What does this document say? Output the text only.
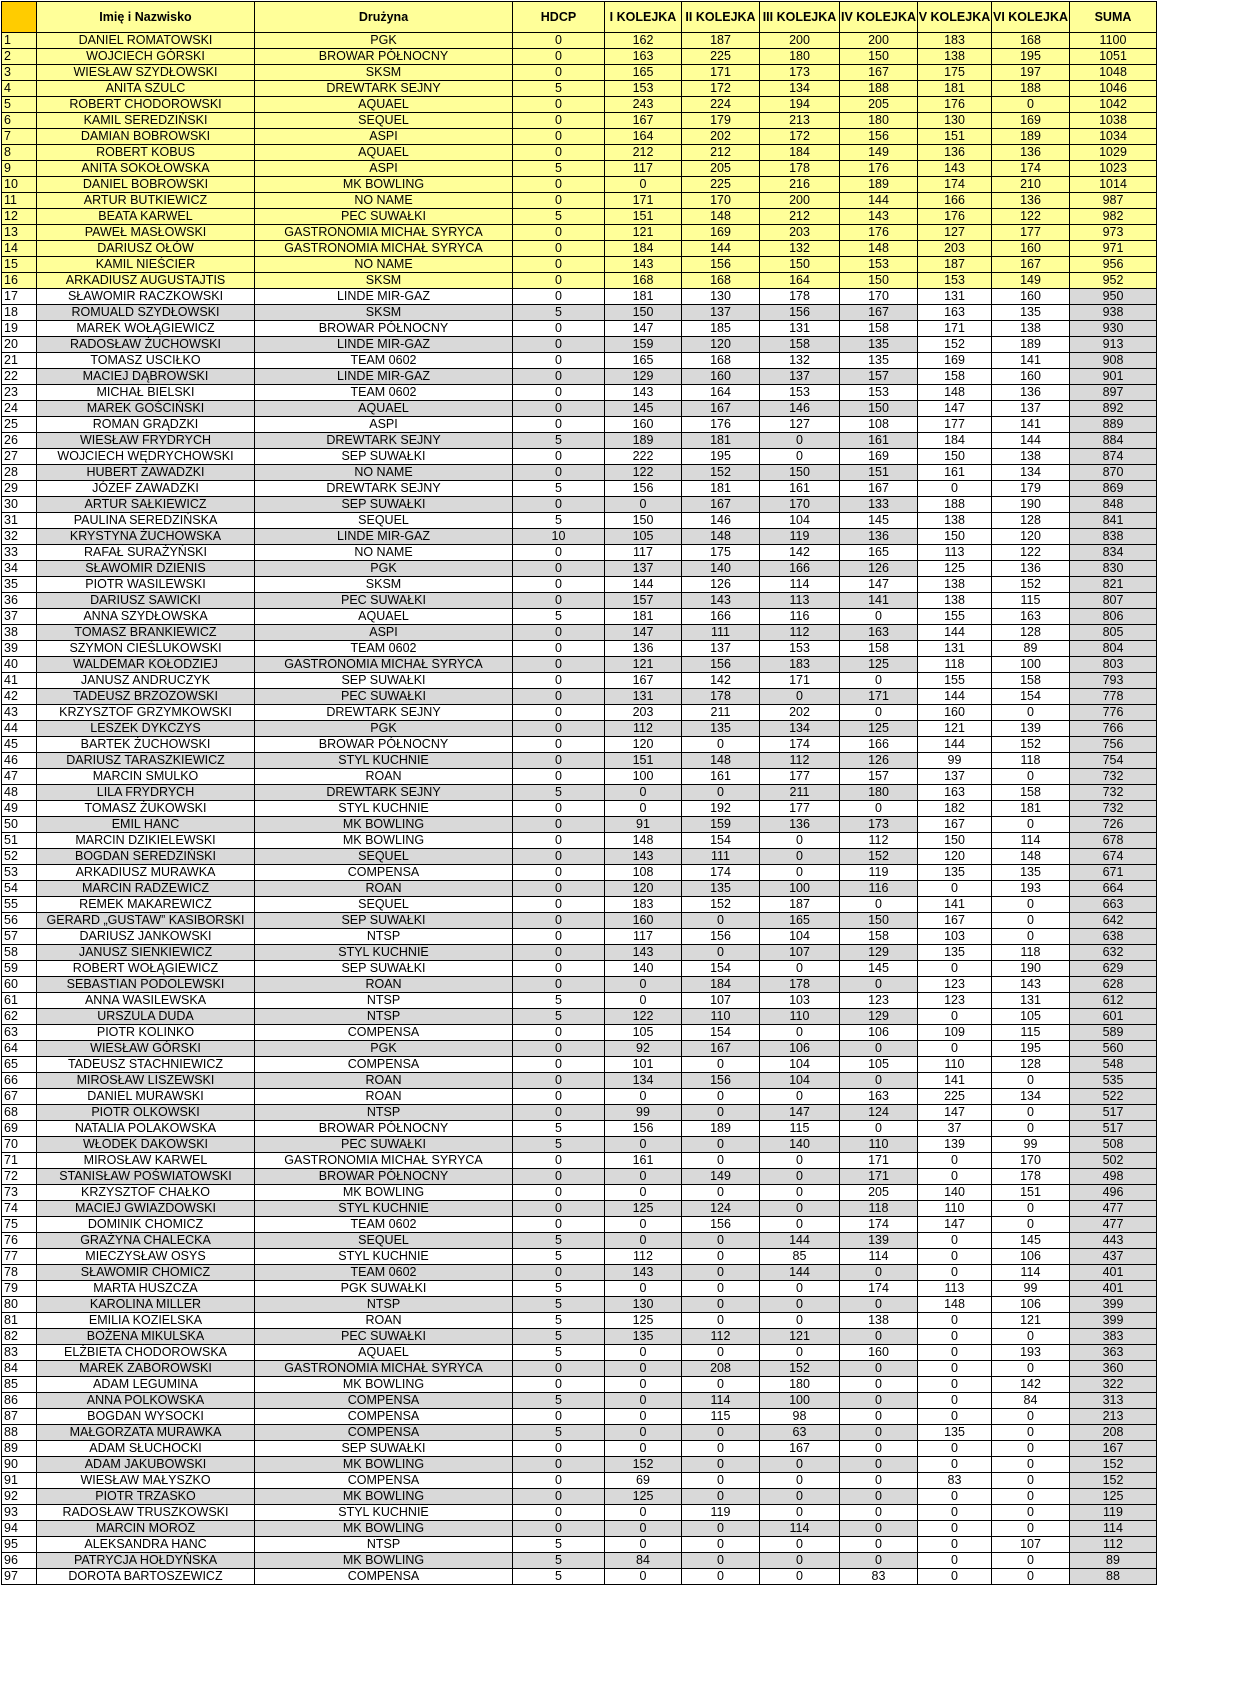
	Imię i Nazwisko	Drużyna	HDCP	I KOLEJKA	II KOLEJKA	III KOLEJKA	IV KOLEJKA	V KOLEJKA	VI KOLEJKA	SUMA
1	DANIEL ROMATOWSKI	PGK	0	162	187	200	200	183	168	1100
2	WOJCIECH GÓRSKI	BROWAR PÓŁNOCNY	0	163	225	180	150	138	195	1051
3	WIESŁAW SZYDŁOWSKI	SKSM	0	165	171	173	167	175	197	1048
4	ANITA SZULC	DREWTARK SEJNY	5	153	172	134	188	181	188	1046
5	ROBERT CHODOROWSKI	AQUAEL	0	243	224	194	205	176	0	1042
6	KAMIL SEREDZIŃSKI	SEQUEL	0	167	179	213	180	130	169	1038
7	DAMIAN BOBROWSKI	ASPI	0	164	202	172	156	151	189	1034
8	ROBERT KOBUS	AQUAEL	0	212	212	184	149	136	136	1029
9	ANITA SOKOŁOWSKA	ASPI	5	117	205	178	176	143	174	1023
10	DANIEL BOBROWSKI	MK BOWLING	0	0	225	216	189	174	210	1014
11	ARTUR BUTKIEWICZ	NO NAME	0	171	170	200	144	166	136	987
12	BEATA KARWEL	PEC SUWAŁKI	5	151	148	212	143	176	122	982
13	PAWEŁ MASŁOWSKI	GASTRONOMIA MICHAŁ SYRYCA	0	121	169	203	176	127	177	973
14	DARIUSZ OŁÓW	GASTRONOMIA MICHAŁ SYRYCA	0	184	144	132	148	203	160	971
15	KAMIL NIEŚCIER	NO NAME	0	143	156	150	153	187	167	956
16	ARKADIUSZ AUGUSTAJTIS	SKSM	0	168	168	164	150	153	149	952
17	SŁAWOMIR RACZKOWSKI	LINDE MIR-GAZ	0	181	130	178	170	131	160	950
18	ROMUALD SZYDŁOWSKI	SKSM	5	150	137	156	167	163	135	938
19	MAREK WOŁĄGIEWICZ	BROWAR PÓŁNOCNY	0	147	185	131	158	171	138	930
20	RADOSŁAW ŻUCHOWSKI	LINDE MIR-GAZ	0	159	120	158	135	152	189	913
21	TOMASZ USCIŁKO	TEAM 0602	0	165	168	132	135	169	141	908
22	MACIEJ DĄBROWSKI	LINDE MIR-GAZ	0	129	160	137	157	158	160	901
23	MICHAŁ BIELSKI	TEAM 0602	0	143	164	153	153	148	136	897
24	MAREK GOŚCIŃSKI	AQUAEL	0	145	167	146	150	147	137	892
25	ROMAN GRĄDZKI	ASPI	0	160	176	127	108	177	141	889
26	WIESŁAW FRYDRYCH	DREWTARK SEJNY	5	189	181	0	161	184	144	884
27	WOJCIECH WĘDRYCHOWSKI	SEP SUWAŁKI	0	222	195	0	169	150	138	874
28	HUBERT ZAWADZKI	NO NAME	0	122	152	150	151	161	134	870
29	JÓZEF ZAWADZKI	DREWTARK SEJNY	5	156	181	161	167	0	179	869
30	ARTUR SAŁKIEWICZ	SEP SUWAŁKI	0	0	167	170	133	188	190	848
31	PAULINA SEREDZIŃSKA	SEQUEL	5	150	146	104	145	138	128	841
32	KRYSTYNA ŻUCHOWSKA	LINDE MIR-GAZ	10	105	148	119	136	150	120	838
33	RAFAŁ SURAŻYŃSKI	NO NAME	0	117	175	142	165	113	122	834
34	SŁAWOMIR DZIENIS	PGK	0	137	140	166	126	125	136	830
35	PIOTR WASILEWSKI	SKSM	0	144	126	114	147	138	152	821
36	DARIUSZ SAWICKI	PEC SUWAŁKI	0	157	143	113	141	138	115	807
37	ANNA SZYDŁOWSKA	AQUAEL	5	181	166	116	0	155	163	806
38	TOMASZ BRANKIEWICZ	ASPI	0	147	111	112	163	144	128	805
39	SZYMON CIEŚLUKOWSKI	TEAM 0602	0	136	137	153	158	131	89	804
40	WALDEMAR KOŁODZIEJ	GASTRONOMIA MICHAŁ SYRYCA	0	121	156	183	125	118	100	803
41	JANUSZ ANDRUCZYK	SEP SUWAŁKI	0	167	142	171	0	155	158	793
42	TADEUSZ BRZOZOWSKI	PEC SUWAŁKI	0	131	178	0	171	144	154	778
43	KRZYSZTOF GRZYMKOWSKI	DREWTARK SEJNY	0	203	211	202	0	160	0	776
44	LESZEK DYKCZYS	PGK	0	112	135	134	125	121	139	766
45	BARTEK ŻUCHOWSKI	BROWAR PÓŁNOCNY	0	120	0	174	166	144	152	756
46	DARIUSZ TARASZKIEWICZ	STYL KUCHNIE	0	151	148	112	126	99	118	754
47	MARCIN SMULKO	ROAN	0	100	161	177	157	137	0	732
48	LILA FRYDRYCH	DREWTARK SEJNY	5	0	0	211	180	163	158	732
49	TOMASZ ŻUKOWSKI	STYL KUCHNIE	0	0	192	177	0	182	181	732
50	EMIL HANC	MK BOWLING	0	91	159	136	173	167	0	726
51	MARCIN DZIKIELEWSKI	MK BOWLING	0	148	154	0	112	150	114	678
52	BOGDAN SEREDZIŃSKI	SEQUEL	0	143	111	0	152	120	148	674
53	ARKADIUSZ MURAWKA	COMPENSA	0	108	174	0	119	135	135	671
54	MARCIN RADZEWICZ	ROAN	0	120	135	100	116	0	193	664
55	REMEK MAKAREWICZ	SEQUEL	0	183	152	187	0	141	0	663
56	GERARD „GUSTAW” KASIBORSKI	SEP SUWAŁKI	0	160	0	165	150	167	0	642
57	DARIUSZ JANKOWSKI	NTSP	0	117	156	104	158	103	0	638
58	JANUSZ SIENKIEWICZ	STYL KUCHNIE	0	143	0	107	129	135	118	632
59	ROBERT WOŁĄGIEWICZ	SEP SUWAŁKI	0	140	154	0	145	0	190	629
60	SEBASTIAN PODOLEWSKI	ROAN	0	0	184	178	0	123	143	628
61	ANNA WASILEWSKA	NTSP	5	0	107	103	123	123	131	612
62	URSZULA DUDA	NTSP	5	122	110	110	129	0	105	601
63	PIOTR KOLINKO	COMPENSA	0	105	154	0	106	109	115	589
64	WIESŁAW GÓRSKI	PGK	0	92	167	106	0	0	195	560
65	TADEUSZ STACHNIEWICZ	COMPENSA	0	101	0	104	105	110	128	548
66	MIROSŁAW LISZEWSKI	ROAN	0	134	156	104	0	141	0	535
67	DANIEL MURAWSKI	ROAN	0	0	0	0	163	225	134	522
68	PIOTR OLKOWSKI	NTSP	0	99	0	147	124	147	0	517
69	NATALIA POLAKOWSKA	BROWAR PÓŁNOCNY	5	156	189	115	0	37	0	517
70	WŁODEK DAKOWSKI	PEC SUWAŁKI	5	0	0	140	110	139	99	508
71	MIROSŁAW KARWEL	GASTRONOMIA MICHAŁ SYRYCA	0	161	0	0	171	0	170	502
72	STANISŁAW POŚWIATOWSKI	BROWAR PÓŁNOCNY	0	0	149	0	171	0	178	498
73	KRZYSZTOF CHAŁKO	MK BOWLING	0	0	0	0	205	140	151	496
74	MACIEJ GWIAZDOWSKI	STYL KUCHNIE	0	125	124	0	118	110	0	477
75	DOMINIK CHOMICZ	TEAM 0602	0	0	156	0	174	147	0	477
76	GRAŻYNA CHALECKA	SEQUEL	5	0	0	144	139	0	145	443
77	MIECZYSŁAW OSYS	STYL KUCHNIE	5	112	0	85	114	0	106	437
78	SŁAWOMIR CHOMICZ	TEAM 0602	0	143	0	144	0	0	114	401
79	MARTA HUSZCZA	PGK SUWAŁKI	5	0	0	0	174	113	99	401
80	KAROLINA MILLER	NTSP	5	130	0	0	0	148	106	399
81	EMILIA KOZIELSKA	ROAN	5	125	0	0	138	0	121	399
82	BOŻENA MIKULSKA	PEC SUWAŁKI	5	135	112	121	0	0	0	383
83	ELŻBIETA CHODOROWSKA	AQUAEL	5	0	0	0	160	0	193	363
84	MAREK ZABOROWSKI	GASTRONOMIA MICHAŁ SYRYCA	0	0	208	152	0	0	0	360
85	ADAM LEGUMINA	MK BOWLING	0	0	0	180	0	0	142	322
86	ANNA POLKOWSKA	COMPENSA	5	0	114	100	0	0	84	313
87	BOGDAN WYSOCKI	COMPENSA	0	0	115	98	0	0	0	213
88	MAŁGORZATA MURAWKA	COMPENSA	5	0	0	63	0	135	0	208
89	ADAM SŁUCHOCKI	SEP SUWAŁKI	0	0	0	167	0	0	0	167
90	ADAM JAKUBOWSKI	MK BOWLING	0	152	0	0	0	0	0	152
91	WIESŁAW MAŁYSZKO	COMPENSA	0	69	0	0	0	83	0	152
92	PIOTR TRZASKO	MK BOWLING	0	125	0	0	0	0	0	125
93	RADOSŁAW TRUSZKOWSKI	STYL KUCHNIE	0	0	119	0	0	0	0	119
94	MARCIN MOROZ	MK BOWLING	0	0	0	114	0	0	0	114
95	ALEKSANDRA HANC	NTSP	5	0	0	0	0	0	107	112
96	PATRYCJA HOŁDYŃSKA	MK BOWLING	5	84	0	0	0	0	0	89
97	DOROTA BARTOSZEWICZ	COMPENSA	5	0	0	0	83	0	0	88
